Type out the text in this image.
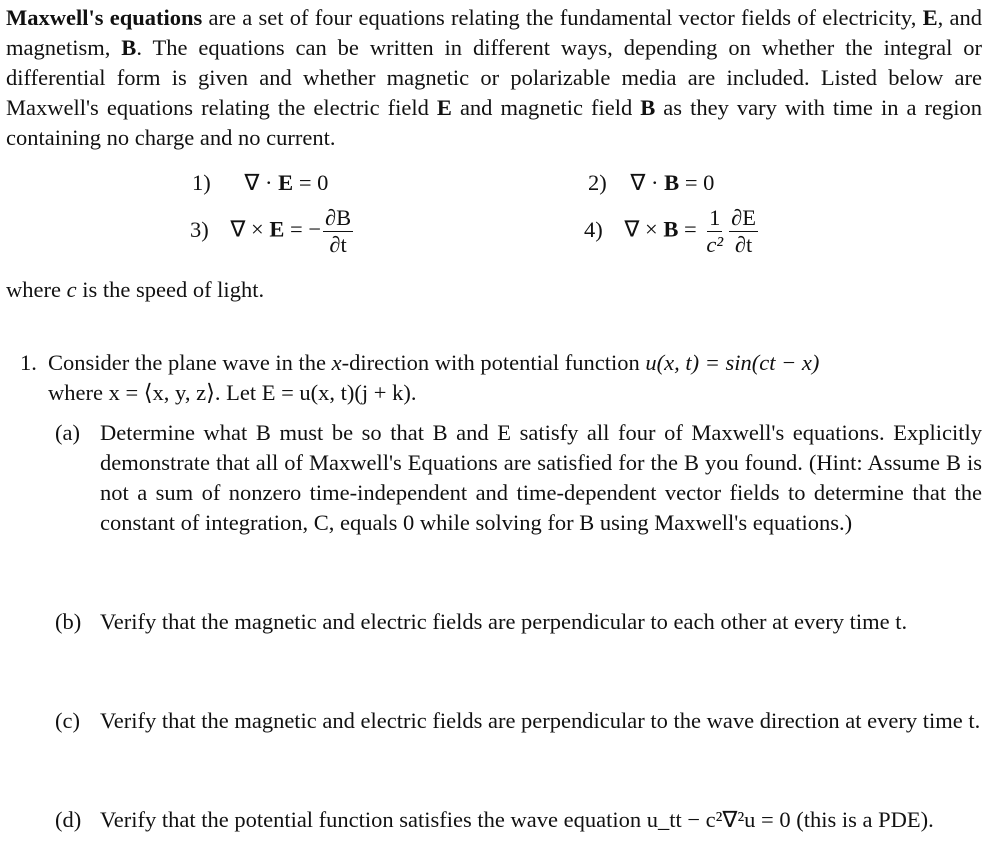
Maxwell's equations are a set of four equations relating the fundamental vector fields of electricity, E, and magnetism, B. The equations can be written in different ways, depending on whether the integral or differential form is given and whether magnetic or polarizable media are included. Listed below are Maxwell's equations relating the electric field E and magnetic field B as they vary with time in a region containing no charge and no current.
1) ∇ · E = 0	2) ∇ · B = 0
3) ∇ × E = − $\frac{\partial B}{\partial t}$	4) ∇ × $B = \frac{1}{\text{c²}} \frac{\partial E}{\partial t}$
where c is the speed of light.
1. Consider the plane wave in the x-direction with potential function u(x, t) = sin(ct − x)
where x = ⟨x, y, z⟩. Let E = u(x, t)(j + k).
(a) Determine what B must be so that B and E satisfy all four of Maxwell's equations. Explicitly demonstrate that all of Maxwell's Equations are satisfied for the B you found. (Hint: Assume B is not a sum of nonzero time-independent and time-dependent vector fields to determine that the constant of integration, C, equals 0 while solving for B using Maxwell's equations.)
(b) Verify that the magnetic and electric fields are perpendicular to each other at every time t.
(c) Verify that the magnetic and electric fields are perpendicular to the wave direction at every time t.
(d) Verify that the potential function satisfies the wave equation u_tt − c²∇²u = 0 (this is a PDE).
